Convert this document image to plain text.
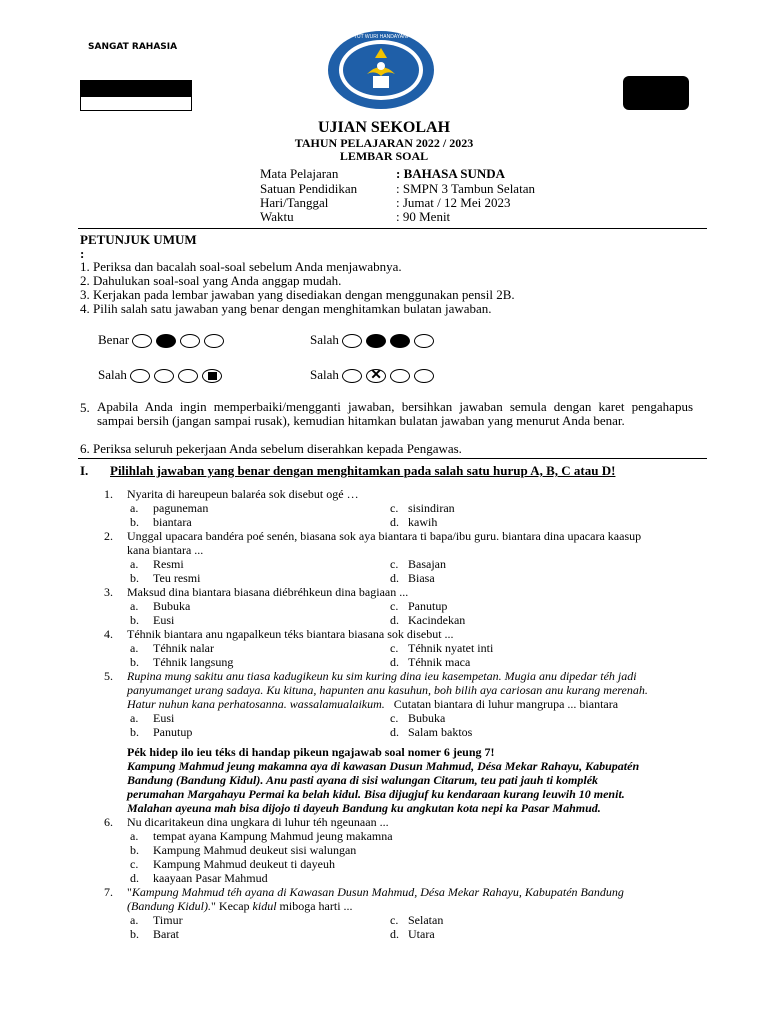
SANGAT RAHASIA
TUT WURI HANDAYANI
UJIAN SEKOLAH
TAHUN PELAJARAN 2022 / 2023
LEMBAR SOAL
Mata Pelajaran	: BAHASA SUNDA
Satuan Pendidikan	: SMPN 3 Tambun Selatan
Hari/Tanggal	: Jumat / 12 Mei 2023
Waktu	: 90 Menit
PETUNJUK UMUM
:
1. Periksa dan bacalah soal-soal sebelum Anda menjawabnya.
2. Dahulukan soal-soal yang Anda anggap mudah.
3. Kerjakan pada lembar jawaban yang disediakan dengan menggunakan pensil 2B.
4. Pilih salah satu jawaban yang benar dengan menghitamkan bulatan jawaban.
Benar	Salah
Salah	Salah ✕
5. Apabila Anda ingin memperbaiki/mengganti jawaban, bersihkan jawaban semula dengan karet pengahapus sampai bersih (jangan sampai rusak), kemudian hitamkan bulatan jawaban yang menurut Anda benar.
6. Periksa seluruh pekerjaan Anda sebelum diserahkan kepada Pengawas.
I. Pilihlah jawaban yang benar dengan menghitamkan pada salah satu hurup A, B, C atau D!
1. Nyarita di hareupeun balaréa sok disebut ogé …
a. paguneman	c. sisindiran
b. biantara	d. kawih
2. Unggal upacara bandéra poé senén, biasana sok aya biantara ti bapa/ibu guru. biantara dina upacara kaasup
kana biantara ...
a. Resmi	c. Basajan
b. Teu resmi	d. Biasa
3. Maksud dina biantara biasana diébréhkeun dina bagiaan ...
a. Bubuka	c. Panutup
b. Eusi	d. Kacindekan
4. Téhnik biantara anu ngapalkeun téks biantara biasana sok disebut ...
a. Téhnik nalar	c. Téhnik nyatet inti
b. Téhnik langsung	d. Téhnik maca
5. Rupina mung sakitu anu tiasa kadugikeun ku sim kuring dina ieu kasempetan. Mugia anu dipedar téh jadi
panyumanget urang sadaya. Ku kituna, hapunten anu kasuhun, boh bilih aya cariosan anu kurang merenah.
Hatur nuhun kana perhatosanna. wassalamualaikum. Cutatan biantara di luhur mangrupa ... biantara
a. Eusi	c. Bubuka
b. Panutup	d. Salam baktos
Pék hidep ilo ieu téks di handap pikeun ngajawab soal nomer 6 jeung 7!
Kampung Mahmud jeung makamna aya di kawasan Dusun Mahmud, Désa Mekar Rahayu, Kabupatén
Bandung (Bandung Kidul). Anu pasti ayana di sisi walungan Citarum, teu pati jauh ti komplék
perumahan Margahayu Permai ka belah kidul. Bisa dijugjuf ku kendaraan kurang leuwih 10 menit.
Malahan ayeuna mah bisa dijojo ti dayeuh Bandung ku angkutan kota nepi ka Pasar Mahmud.
6. Nu dicaritakeun dina ungkara di luhur téh ngeunaan ...
a. tempat ayana Kampung Mahmud jeung makamna
b. Kampung Mahmud deukeut sisi walungan
c. Kampung Mahmud deukeut ti dayeuh
d. kaayaan Pasar Mahmud
7. "Kampung Mahmud téh ayana di Kawasan Dusun Mahmud, Désa Mekar Rahayu, Kabupatén Bandung
(Bandung Kidul)." Kecap kidul miboga harti ...
a. Timur	c. Selatan
b. Barat	d. Utara
